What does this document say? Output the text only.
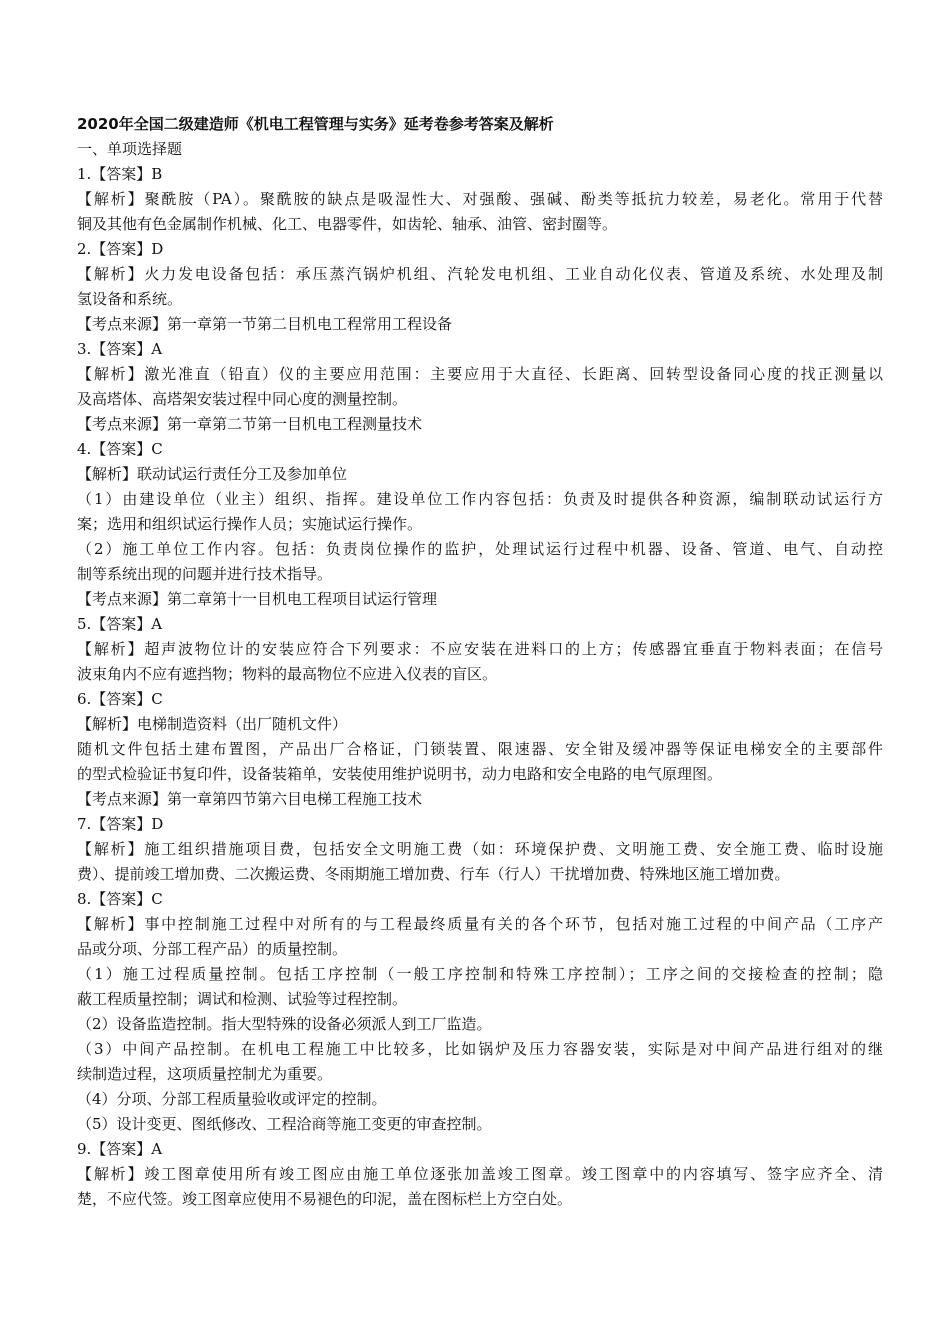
2020年全国二级建造师《机电工程管理与实务》延考卷参考答案及解析
一、单项选择题
1.【答案】B
【解析】聚酰胺（PA）。聚酰胺的缺点是吸湿性大、对强酸、强碱、酚类等抵抗力较差，易老化。常用于代替
铜及其他有色金属制作机械、化工、电器零件，如齿轮、轴承、油管、密封圈等。
2.【答案】D
【解析】火力发电设备包括：承压蒸汽锅炉机组、汽轮发电机组、工业自动化仪表、管道及系统、水处理及制
氢设备和系统。
【考点来源】第一章第一节第二目机电工程常用工程设备
3.【答案】A
【解析】激光准直（铅直）仪的主要应用范围：主要应用于大直径、长距离、回转型设备同心度的找正测量以
及高塔体、高塔架安装过程中同心度的测量控制。
【考点来源】第一章第二节第一目机电工程测量技术
4.【答案】C
【解析】联动试运行责任分工及参加单位
（1）由建设单位（业主）组织、指挥。建设单位工作内容包括：负责及时提供各种资源，编制联动试运行方
案；选用和组织试运行操作人员；实施试运行操作。
（2）施工单位工作内容。包括：负责岗位操作的监护，处理试运行过程中机器、设备、管道、电气、自动控
制等系统出现的问题并进行技术指导。
【考点来源】第二章第十一目机电工程项目试运行管理
5.【答案】A
【解析】超声波物位计的安装应符合下列要求：不应安装在进料口的上方；传感器宜垂直于物料表面；在信号
波束角内不应有遮挡物；物料的最高物位不应进入仪表的盲区。
6.【答案】C
【解析】电梯制造资料（出厂随机文件）
随机文件包括土建布置图，产品出厂合格证，门锁装置、限速器、安全钳及缓冲器等保证电梯安全的主要部件
的型式检验证书复印件，设备装箱单，安装使用维护说明书，动力电路和安全电路的电气原理图。
【考点来源】第一章第四节第六目电梯工程施工技术
7.【答案】D
【解析】施工组织措施项目费，包括安全文明施工费（如：环境保护费、文明施工费、安全施工费、临时设施
费）、提前竣工增加费、二次搬运费、冬雨期施工增加费、行车（行人）干扰增加费、特殊地区施工增加费。
8.【答案】C
【解析】事中控制施工过程中对所有的与工程最终质量有关的各个环节，包括对施工过程的中间产品（工序产
品或分项、分部工程产品）的质量控制。
（1）施工过程质量控制。包括工序控制（一般工序控制和特殊工序控制）；工序之间的交接检查的控制；隐
蔽工程质量控制；调试和检测、试验等过程控制。
（2）设备监造控制。指大型特殊的设备必须派人到工厂监造。
（3）中间产品控制。在机电工程施工中比较多，比如锅炉及压力容器安装，实际是对中间产品进行组对的继
续制造过程，这项质量控制尤为重要。
（4）分项、分部工程质量验收或评定的控制。
（5）设计变更、图纸修改、工程洽商等施工变更的审查控制。
9.【答案】A
【解析】竣工图章使用所有竣工图应由施工单位逐张加盖竣工图章。竣工图章中的内容填写、签字应齐全、清
楚，不应代签。竣工图章应使用不易褪色的印泥，盖在图标栏上方空白处。
